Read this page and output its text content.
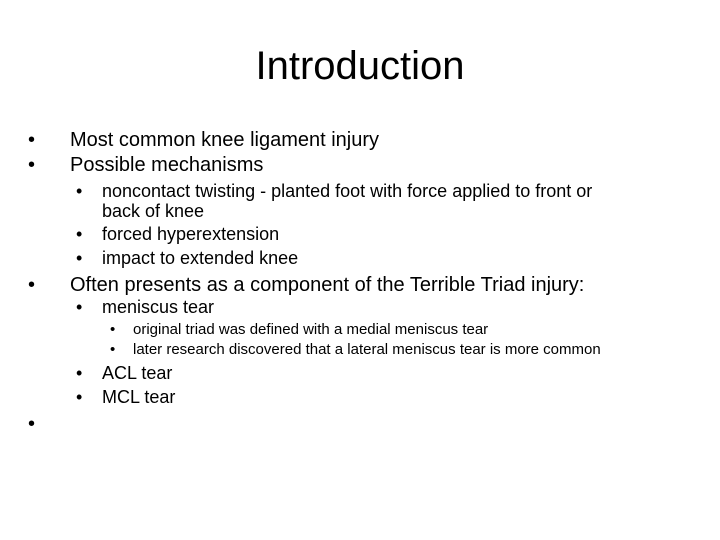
Introduction
• Most common knee ligament injury
• Possible mechanisms
• noncontact twisting - planted foot with force applied to front or
back of knee
• forced hyperextension
• impact to extended knee
• Often presents as a component of the Terrible Triad injury:
• meniscus tear
• original triad was defined with a medial meniscus tear
• later research discovered that a lateral meniscus tear is more common
• ACL tear
• MCL tear
•
